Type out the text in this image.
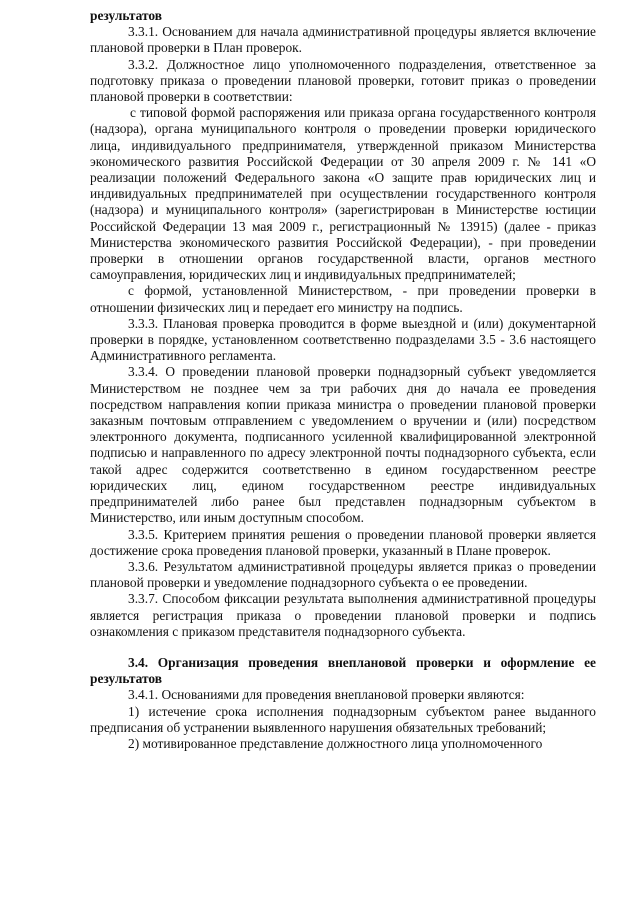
результатов

3.3.1. Основанием для начала административной процедуры является включение плановой проверки в План проверок.

3.3.2. Должностное лицо уполномоченного подразделения, ответственное за подготовку приказа о проведении плановой проверки, готовит приказ о проведении плановой проверки в соответствии:

с типовой формой распоряжения или приказа органа государственного контроля (надзора), органа муниципального контроля о проведении проверки юридического лица, индивидуального предпринимателя, утвержденной приказом Министерства экономического развития Российской Федерации от 30 апреля 2009 г. № 141 «О реализации положений Федерального закона «О защите прав юридических лиц и индивидуальных предпринимателей при осуществлении государственного контроля (надзора) и муниципального контроля» (зарегистрирован в Министерстве юстиции Российской Федерации 13 мая 2009 г., регистрационный № 13915) (далее - приказ Министерства экономического развития Российской Федерации), - при проведении проверки в отношении органов государственной власти, органов местного самоуправления, юридических лиц и индивидуальных предпринимателей;

с формой, установленной Министерством, - при проведении проверки в отношении физических лиц и передает его министру на подпись.

3.3.3. Плановая проверка проводится в форме выездной и (или) документарной проверки в порядке, установленном соответственно подразделами 3.5 - 3.6 настоящего Административного регламента.

3.3.4. О проведении плановой проверки поднадзорный субъект уведомляется Министерством не позднее чем за три рабочих дня до начала ее проведения посредством направления копии приказа министра о проведении плановой проверки заказным почтовым отправлением с уведомлением о вручении и (или) посредством электронного документа, подписанного усиленной квалифицированной электронной подписью и направленного по адресу электронной почты поднадзорного субъекта, если такой адрес содержится соответственно в едином государственном реестре юридических лиц, едином государственном реестре индивидуальных предпринимателей либо ранее был представлен поднадзорным субъектом в Министерство, или иным доступным способом.

3.3.5. Критерием принятия решения о проведении плановой проверки является достижение срока проведения плановой проверки, указанный в Плане проверок.

3.3.6. Результатом административной процедуры является приказ о проведении плановой проверки и уведомление поднадзорного субъекта о ее проведении.

3.3.7. Способом фиксации результата выполнения административной процедуры является регистрация приказа о проведении плановой проверки и подпись ознакомления с приказом представителя поднадзорного субъекта.

3.4. Организация проведения внеплановой проверки и оформление ее результатов

3.4.1. Основаниями для проведения внеплановой проверки являются:

1) истечение срока исполнения поднадзорным субъектом ранее выданного предписания об устранении выявленного нарушения обязательных требований;

2) мотивированное представление должностного лица уполномоченного
